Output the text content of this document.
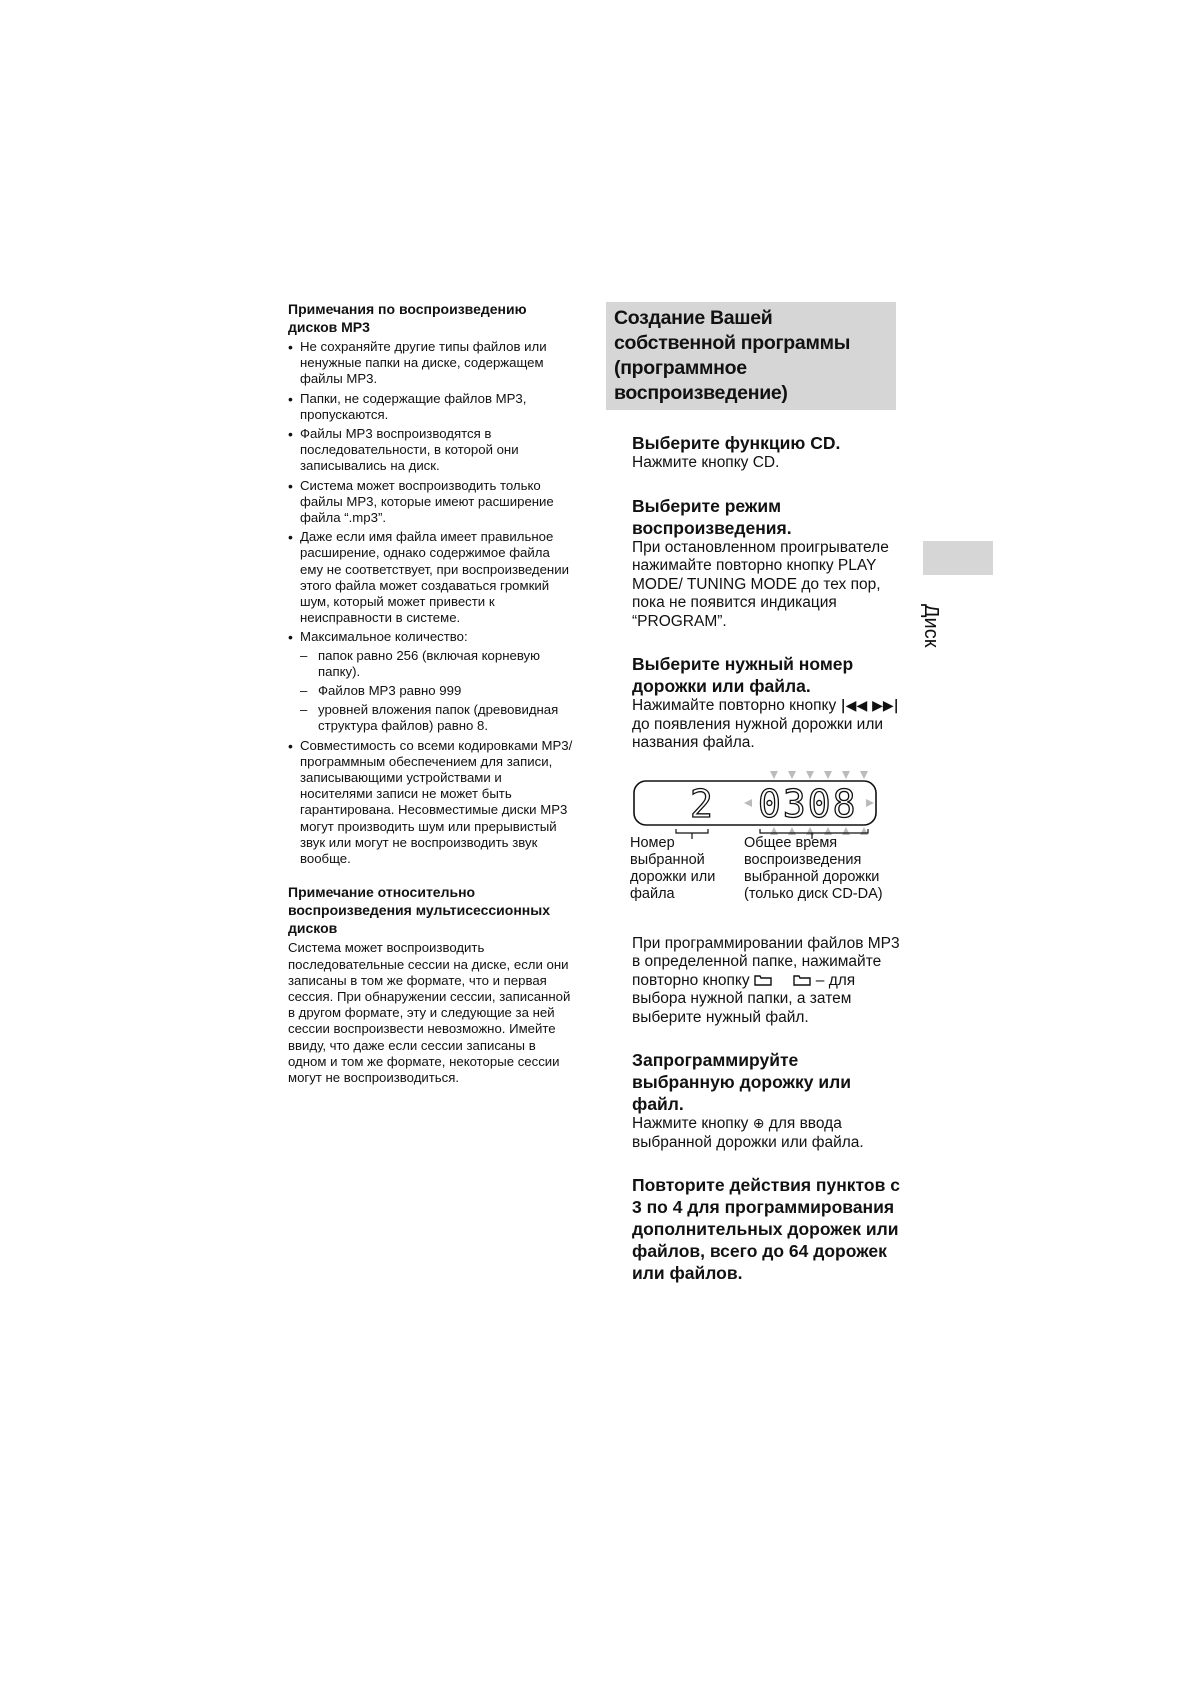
Примечания по воспроизведению дисков MP3

• Не сохраняйте другие типы файлов или ненужные папки на диске, содержащем файлы MP3.
• Папки, не содержащие файлов MP3, пропускаются.
• Файлы MP3 воспроизводятся в последовательности, в которой они записывались на диск.
• Система может воспроизводить только файлы MP3, которые имеют расширение файла “.mp3”.
• Даже если имя файла имеет правильное расширение, однако содержимое файла ему не соответствует, при воспроизведении этого файла может создаваться громкий шум, который может привести к неисправности в системе.
• Максимальное количество:
– папок равно 256 (включая корневую папку).
– Файлов MP3 равно 999
– уровней вложения папок (древовидная структура файлов) равно 8.
• Совместимость со всеми кодировками MP3/программным обеспечением для записи, записывающими устройствами и носителями записи не может быть гарантирована. Несовместимые диски MP3 могут производить шум или прерывистый звук или могут не воспроизводить звук вообще.

Примечание относительно воспроизведения мультисессионных дисков

Система может воспроизводить последовательные сессии на диске, если они записаны в том же формате, что и первая сессия. При обнаружении сессии, записанной в другом формате, эту и следующие за ней сессии воспроизвести невозможно. Имейте ввиду, что даже если сессии записаны в одном и том же формате, некоторые сессии могут не воспроизводиться.

Создание Вашей собственной программы (программное воспроизведение)

Выберите функцию CD.

Нажмите кнопку CD.

Выберите режим воспроизведения.

При остановленном проигрывателе нажимайте повторно кнопку PLAY MODE/ TUNING MODE до тех пор, пока не появится индикация “PROGRAM”.

Выберите нужный номер дорожки или файла.

Нажимайте повторно кнопку |◀◀ ▶▶| до появления нужной дорожки или названия файла.

2 0308
Номер выбранной дорожки или файла
Общее время воспроизведения выбранной дорожки (только диск CD-DA)

При программировании файлов MP3 в определенной папке, нажимайте повторно кнопку	– для выбора нужной папки, а затем выберите нужный файл.

Запрограммируйте выбранную дорожку или файл.

Нажмите кнопку ⊕ для ввода выбранной дорожки или файла.

Повторите действия пунктов с 3 по 4 для программирования дополнительных дорожек или файлов, всего до 64 дорожек или файлов.

Диск
